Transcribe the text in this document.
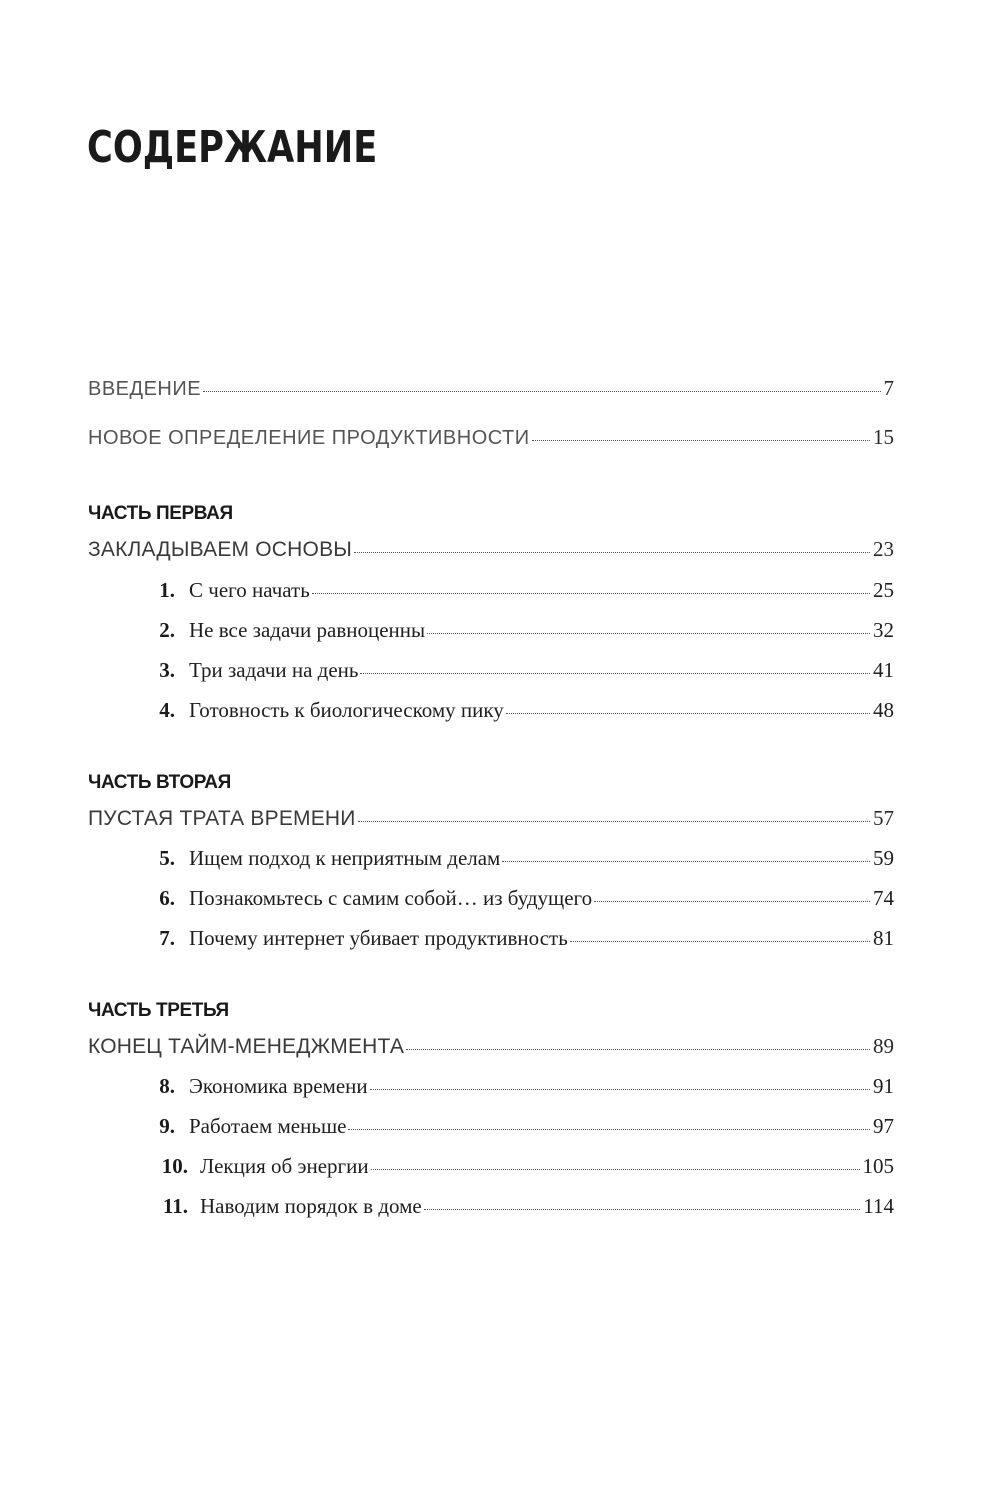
СОДЕРЖАНИЕ
ВВЕДЕНИЕ	7
НОВОЕ ОПРЕДЕЛЕНИЕ ПРОДУКТИВНОСТИ	15
ЧАСТЬ ПЕРВАЯ
ЗАКЛАДЫВАЕМ ОСНОВЫ	23
1. С чего начать	25
2. Не все задачи равноценны	32
3. Три задачи на день	41
4. Готовность к биологическому пику	48
ЧАСТЬ ВТОРАЯ
ПУСТАЯ ТРАТА ВРЕМЕНИ	57
5. Ищем подход к неприятным делам	59
6. Познакомьтесь с самим собой… из будущего	74
7. Почему интернет убивает продуктивность	81
ЧАСТЬ ТРЕТЬЯ
КОНЕЦ ТАЙМ-МЕНЕДЖМЕНТА	89
8. Экономика времени	91
9. Работаем меньше	97
10. Лекция об энергии	105
11. Наводим порядок в доме	114
